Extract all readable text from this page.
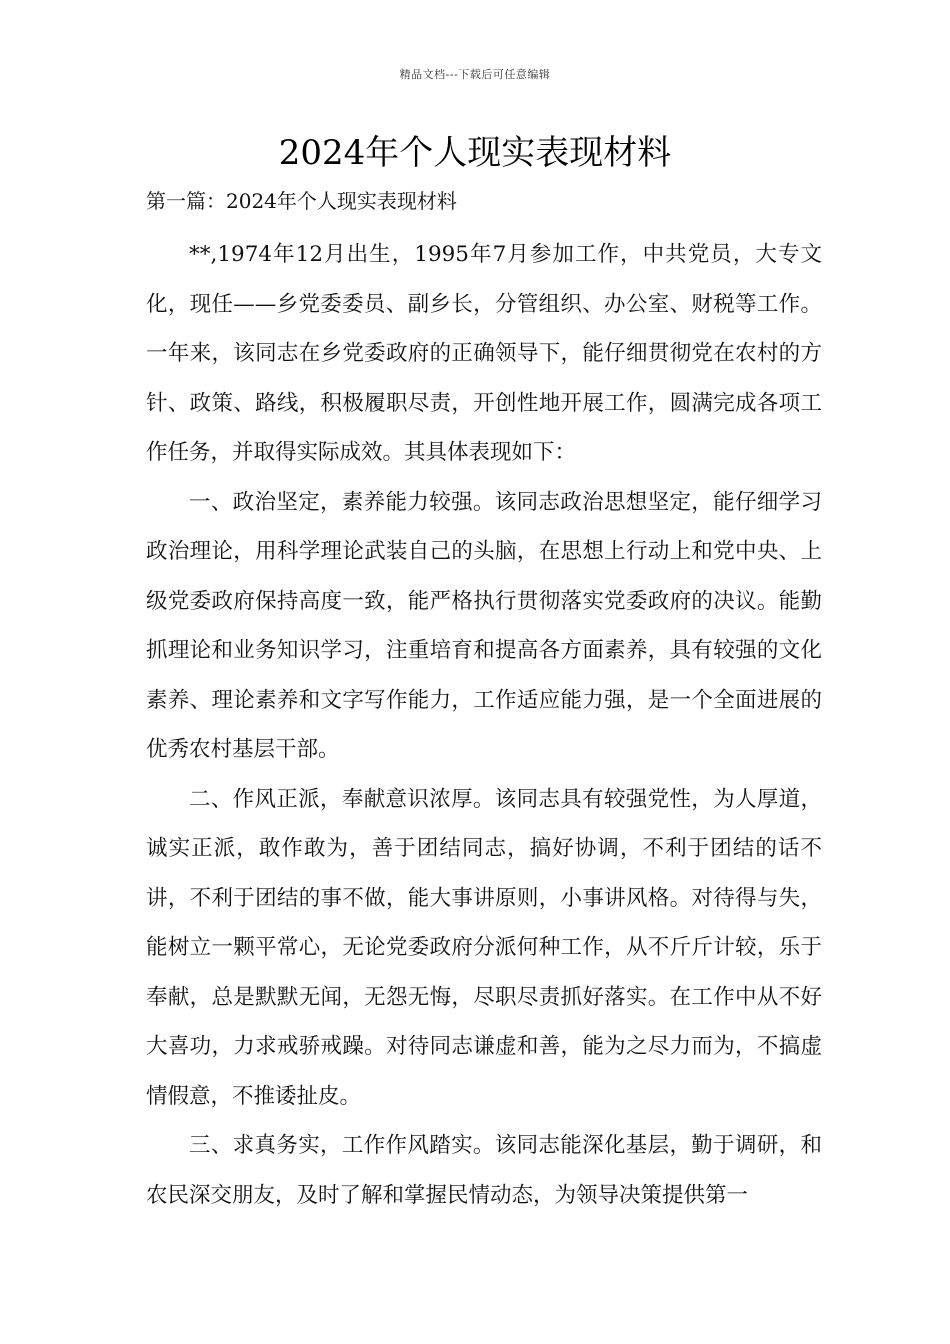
精品文档---下载后可任意编辑
2024年个人现实表现材料
第一篇：2024年个人现实表现材料

**,1974年12月出生，1995年7月参加工作，中共党员，大专文化，现任——乡党委委员、副乡长，分管组织、办公室、财税等工作。一年来，该同志在乡党委政府的正确领导下，能仔细贯彻党在农村的方针、政策、路线，积极履职尽责，开创性地开展工作，圆满完成各项工作任务，并取得实际成效。其具体表现如下：

一、政治坚定，素养能力较强。该同志政治思想坚定，能仔细学习政治理论，用科学理论武装自己的头脑，在思想上行动上和党中央、上级党委政府保持高度一致，能严格执行贯彻落实党委政府的决议。能勤抓理论和业务知识学习，注重培育和提高各方面素养，具有较强的文化素养、理论素养和文字写作能力，工作适应能力强，是一个全面进展的优秀农村基层干部。

二、作风正派，奉献意识浓厚。该同志具有较强党性，为人厚道，诚实正派，敢作敢为，善于团结同志，搞好协调，不利于团结的话不讲，不利于团结的事不做，能大事讲原则，小事讲风格。对待得与失，能树立一颗平常心，无论党委政府分派何种工作，从不斤斤计较，乐于奉献，总是默默无闻，无怨无悔，尽职尽责抓好落实。在工作中从不好大喜功，力求戒骄戒躁。对待同志谦虚和善，能为之尽力而为，不搞虚情假意，不推诿扯皮。

三、求真务实，工作作风踏实。该同志能深化基层，勤于调研，和农民深交朋友，及时了解和掌握民情动态，为领导决策提供第一
